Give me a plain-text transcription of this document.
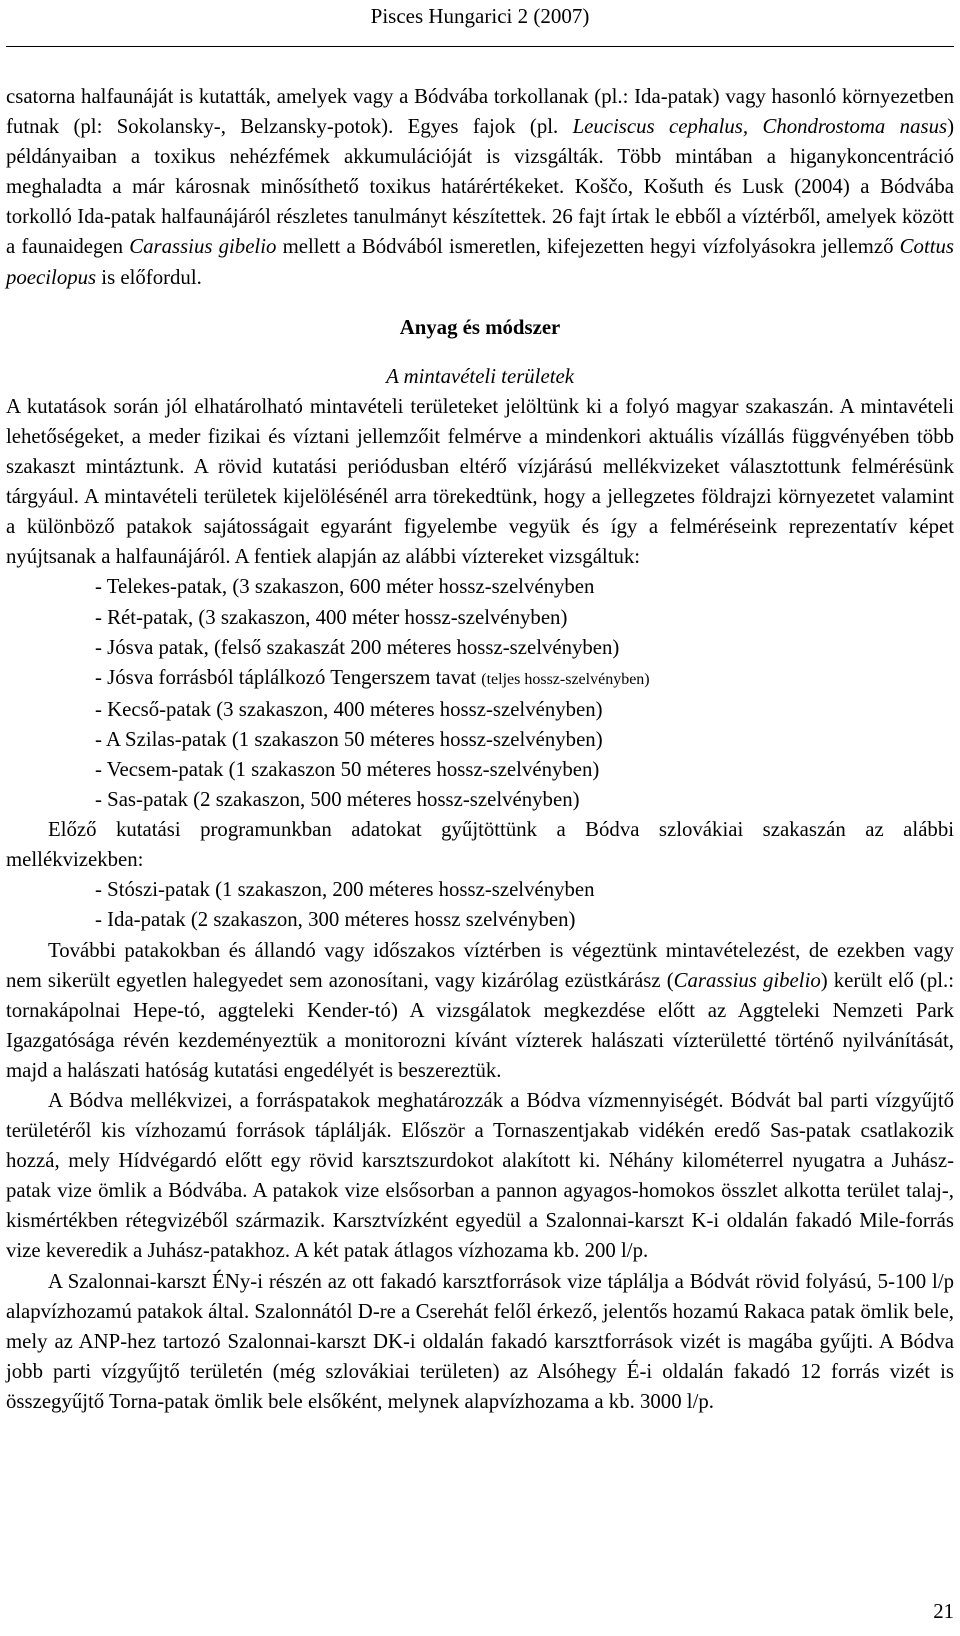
Pisces Hungarici 2 (2007)

csatorna halfaunáját is kutatták, amelyek vagy a Bódvába torkollanak (pl.: Ida-patak) vagy hasonló környezetben futnak (pl: Sokolansky-, Belzansky-potok). Egyes fajok (pl. Leuciscus cephalus, Chondrostoma nasus) példányaiban a toxikus nehézfémek akkumulációját is vizsgálták. Több mintában a higanykoncentráció meghaladta a már károsnak minősíthető toxikus határértékeket. Koščo, Košuth és Lusk (2004) a Bódvába torkolló Ida-patak halfaunájáról részletes tanulmányt készítettek. 26 fajt írtak le ebből a víztérből, amelyek között a faunaidegen Carassius gibelio mellett a Bódvából ismeretlen, kifejezetten hegyi vízfolyásokra jellemző Cottus poecilopus is előfordul.

Anyag és módszer

A mintavételi területek

A kutatások során jól elhatárolható mintavételi területeket jelöltünk ki a folyó magyar szakaszán. A mintavételi lehetőségeket, a meder fizikai és víztani jellemzőit felmérve a mindenkori aktuális vízállás függvényében több szakaszt mintáztunk. A rövid kutatási periódusban eltérő vízjárású mellékvizeket választottunk felmérésünk tárgyául. A mintavételi területek kijelölésénél arra törekedtünk, hogy a jellegzetes földrajzi környezetet valamint a különböző patakok sajátosságait egyaránt figyelembe vegyük és így a felméréseink reprezentatív képet nyújtsanak a halfaunájáról. A fentiek alapján az alábbi víztereket vizsgáltuk:

- Telekes-patak, (3 szakaszon, 600 méter hossz-szelvényben
- Rét-patak, (3 szakaszon, 400 méter hossz-szelvényben)
- Jósva patak, (felső szakaszát 200 méteres hossz-szelvényben)
- Jósva forrásból táplálkozó Tengerszem tavat (teljes hossz-szelvényben)
- Kecső-patak (3 szakaszon, 400 méteres hossz-szelvényben)
- A Szilas-patak (1 szakaszon 50 méteres hossz-szelvényben)
- Vecsem-patak (1 szakaszon 50 méteres hossz-szelvényben)
- Sas-patak (2 szakaszon, 500 méteres hossz-szelvényben)

Előző kutatási programunkban adatokat gyűjtöttünk a Bódva szlovákiai szakaszán az alábbi mellékvizekben:

- Stószi-patak (1 szakaszon, 200 méteres hossz-szelvényben
- Ida-patak (2 szakaszon, 300 méteres hossz szelvényben)

További patakokban és állandó vagy időszakos víztérben is végeztünk mintavételezést, de ezekben vagy nem sikerült egyetlen halegyedet sem azonosítani, vagy kizárólag ezüstkárász (Carassius gibelio) került elő (pl.: tornakápolnai Hepe-tó, aggteleki Kender-tó) A vizsgálatok megkezdése előtt az Aggteleki Nemzeti Park Igazgatósága révén kezdeményeztük a monitorozni kívánt vízterek halászati vízterületté történő nyilvánítását, majd a halászati hatóság kutatási engedélyét is beszereztük.

A Bódva mellékvizei, a forráspatakok meghatározzák a Bódva vízmennyiségét. Bódvát bal parti vízgyűjtő területéről kis vízhozamú források táplálják. Először a Tornaszentjakab vidékén eredő Sas-patak csatlakozik hozzá, mely Hídvégardó előtt egy rövid karsztszurdokot alakított ki. Néhány kilométerrel nyugatra a Juhász-patak vize ömlik a Bódvába. A patakok vize elsősorban a pannon agyagos-homokos összlet alkotta terület talaj-, kismértékben rétegvizéből származik. Karsztvízként egyedül a Szalonnai-karszt K-i oldalán fakadó Mile-forrás vize keveredik a Juhász-patakhoz. A két patak átlagos vízhozama kb. 200 l/p.

A Szalonnai-karszt ÉNy-i részén az ott fakadó karsztforrások vize táplálja a Bódvát rövid folyású, 5-100 l/p alapvízhozamú patakok által. Szalonnától D-re a Cserehát felől érkező, jelentős hozamú Rakaca patak ömlik bele, mely az ANP-hez tartozó Szalonnai-karszt DK-i oldalán fakadó karsztforrások vizét is magába gyűjti. A Bódva jobb parti vízgyűjtő területén (még szlovákiai területen) az Alsóhegy É-i oldalán fakadó 12 forrás vizét is összegyűjtő Torna-patak ömlik bele elsőként, melynek alapvízhozama a kb. 3000 l/p.

21
